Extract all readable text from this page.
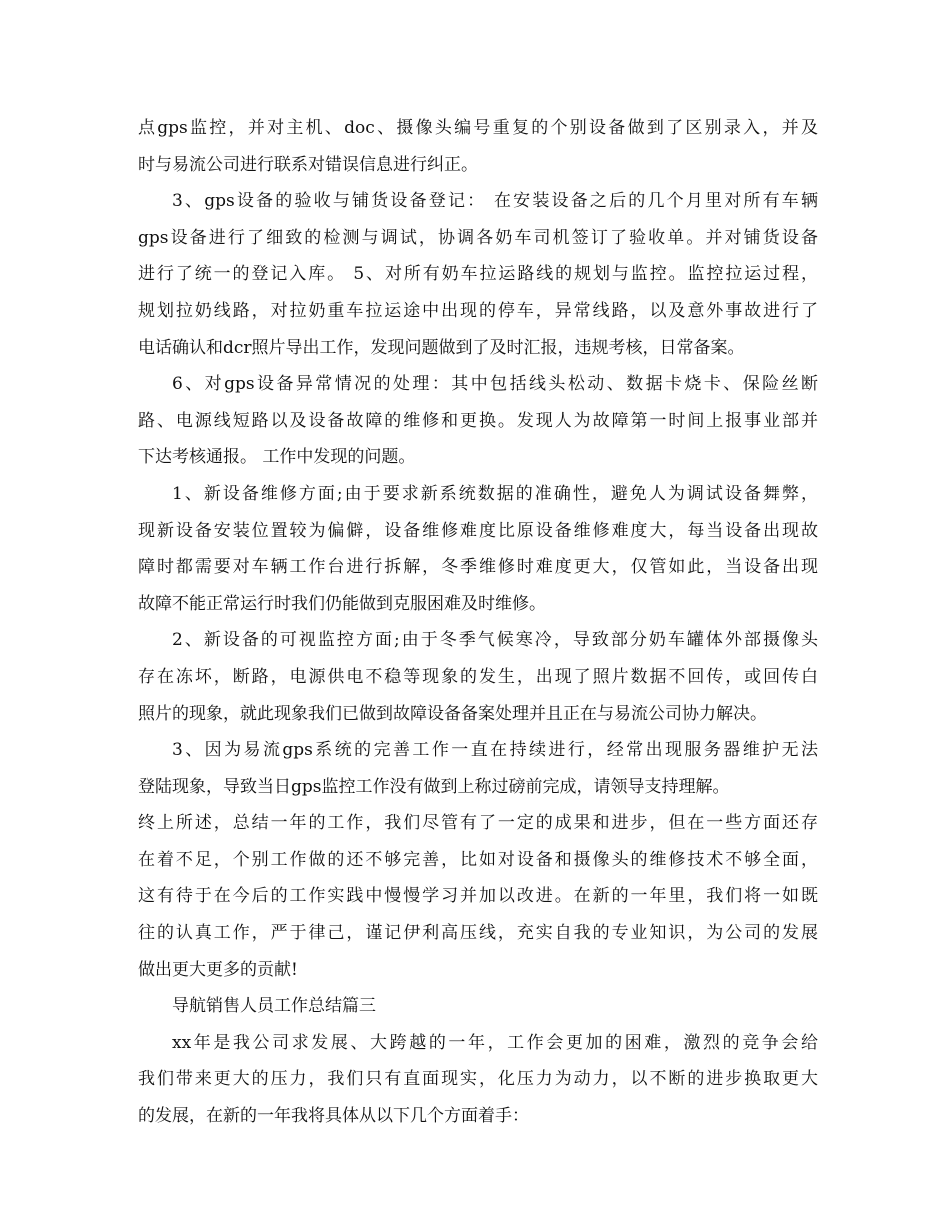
点gps监控，并对主机、doc、摄像头编号重复的个别设备做到了区别录入，并及
时与易流公司进行联系对错误信息进行纠正。
3、gps设备的验收与铺货设备登记： 在安装设备之后的几个月里对所有车辆
gps设备进行了细致的检测与调试，协调各奶车司机签订了验收单。并对铺货设备
进行了统一的登记入库。 5、对所有奶车拉运路线的规划与监控。监控拉运过程，
规划拉奶线路，对拉奶重车拉运途中出现的停车，异常线路，以及意外事故进行了
电话确认和dcr照片导出工作，发现问题做到了及时汇报，违规考核，日常备案。
6、对gps设备异常情况的处理：其中包括线头松动、数据卡烧卡、保险丝断
路、电源线短路以及设备故障的维修和更换。发现人为故障第一时间上报事业部并
下达考核通报。 工作中发现的问题。
1、新设备维修方面;由于要求新系统数据的准确性，避免人为调试设备舞弊，
现新设备安装位置较为偏僻，设备维修难度比原设备维修难度大，每当设备出现故
障时都需要对车辆工作台进行拆解，冬季维修时难度更大，仅管如此，当设备出现
故障不能正常运行时我们仍能做到克服困难及时维修。
2、新设备的可视监控方面;由于冬季气候寒冷，导致部分奶车罐体外部摄像头
存在冻坏，断路，电源供电不稳等现象的发生，出现了照片数据不回传，或回传白
照片的现象，就此现象我们已做到故障设备备案处理并且正在与易流公司协力解决。
3、因为易流gps系统的完善工作一直在持续进行，经常出现服务器维护无法
登陆现象，导致当日gps监控工作没有做到上称过磅前完成，请领导支持理解。
终上所述，总结一年的工作，我们尽管有了一定的成果和进步，但在一些方面还存
在着不足，个别工作做的还不够完善，比如对设备和摄像头的维修技术不够全面，
这有待于在今后的工作实践中慢慢学习并加以改进。在新的一年里，我们将一如既
往的认真工作，严于律己，谨记伊利高压线，充实自我的专业知识，为公司的发展
做出更大更多的贡献!
导航销售人员工作总结篇三
xx年是我公司求发展、大跨越的一年，工作会更加的困难，激烈的竞争会给
我们带来更大的压力，我们只有直面现实，化压力为动力，以不断的进步换取更大
的发展，在新的一年我将具体从以下几个方面着手：
